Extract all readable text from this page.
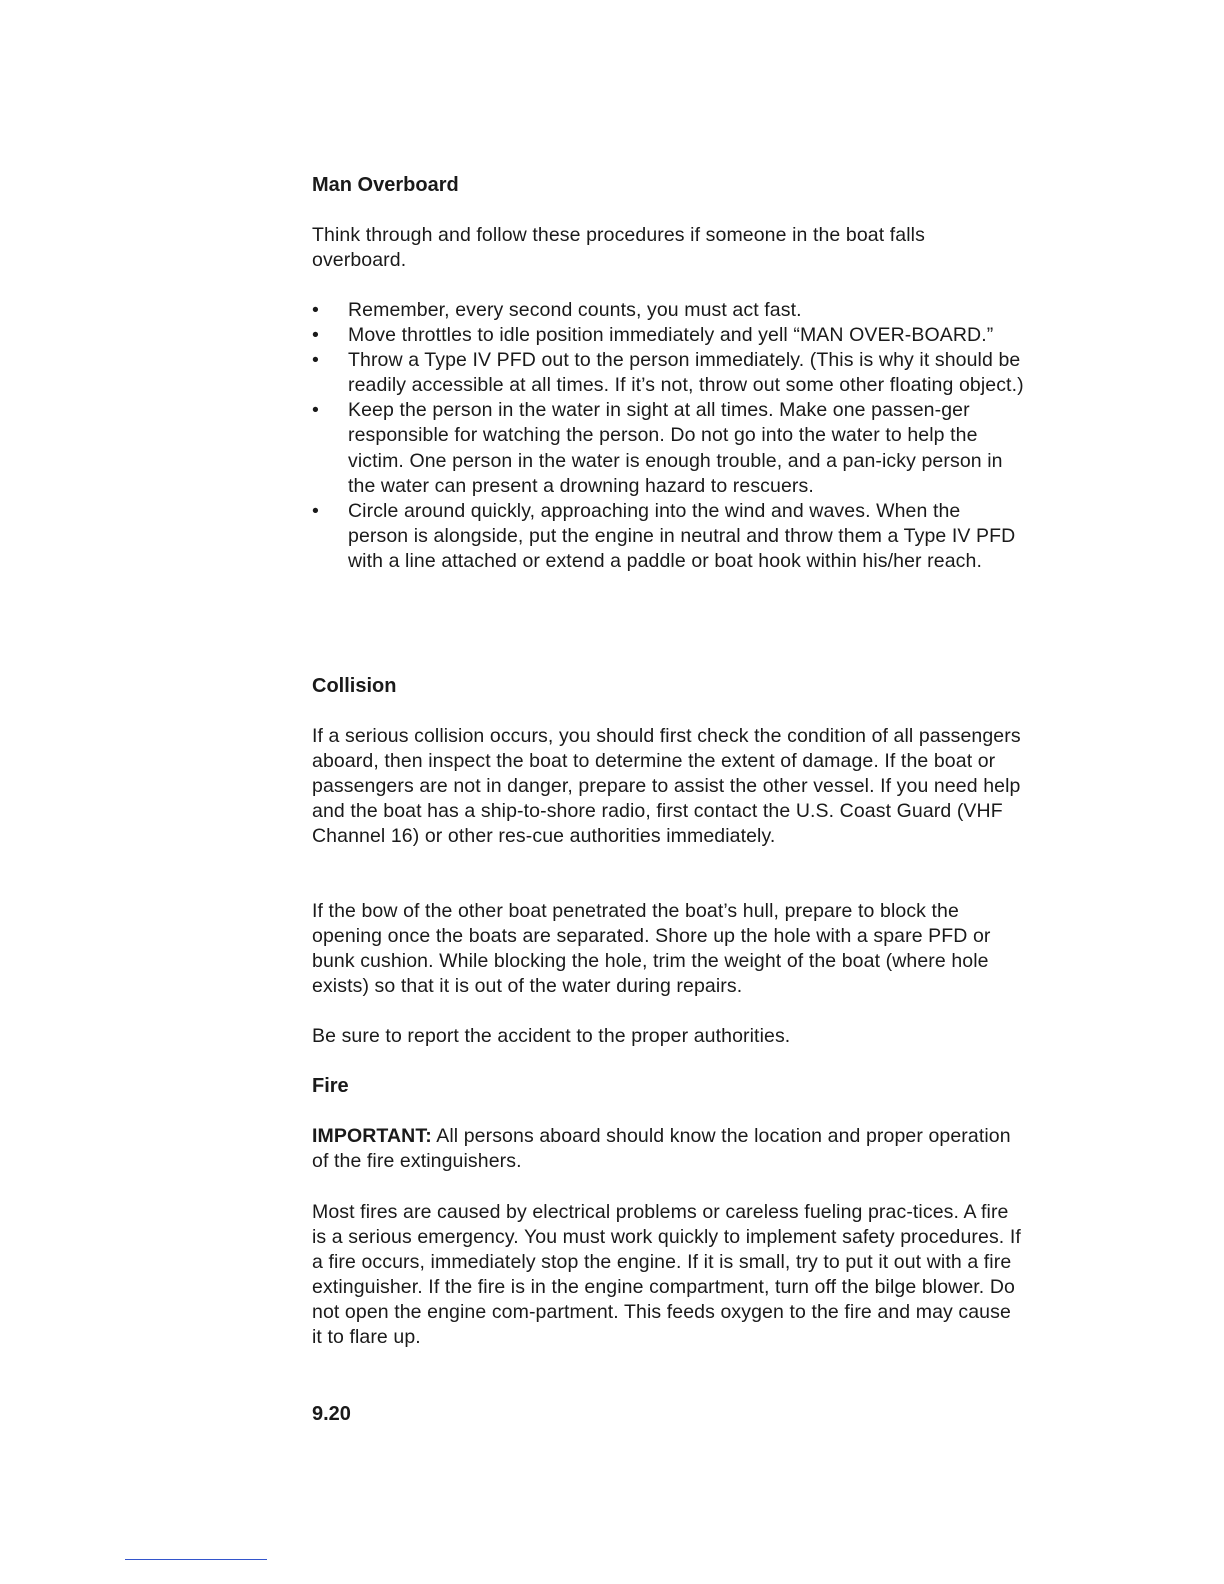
Man Overboard

Think through and follow these procedures if someone in the boat falls overboard.

• Remember, every second counts, you must act fast.
• Move throttles to idle position immediately and yell “MAN OVER-BOARD.”
• Throw a Type IV PFD out to the person immediately. (This is why it should be readily accessible at all times. If it’s not, throw out some other floating object.)
• Keep the person in the water in sight at all times. Make one passen-ger responsible for watching the person. Do not go into the water to help the victim. One person in the water is enough trouble, and a pan-icky person in the water can present a drowning hazard to rescuers.
• Circle around quickly, approaching into the wind and waves. When the person is alongside, put the engine in neutral and throw them a Type IV PFD with a line attached or extend a paddle or boat hook within his/her reach.
Collision

If a serious collision occurs, you should first check the condition of all passengers aboard, then inspect the boat to determine the extent of damage. If the boat or passengers are not in danger, prepare to assist the other vessel. If you need help and the boat has a ship-to-shore radio, first contact the U.S. Coast Guard (VHF Channel 16) or other res-cue authorities immediately.

If the bow of the other boat penetrated the boat’s hull, prepare to block the opening once the boats are separated. Shore up the hole with a spare PFD or bunk cushion. While blocking the hole, trim the weight of the boat (where hole exists) so that it is out of the water during repairs.

Be sure to report the accident to the proper authorities.

Fire

IMPORTANT: All persons aboard should know the location and proper operation of the fire extinguishers.

Most fires are caused by electrical problems or careless fueling prac-tices. A fire is a serious emergency. You must work quickly to implement safety procedures. If a fire occurs, immediately stop the engine. If it is small, try to put it out with a fire extinguisher. If the fire is in the engine compartment, turn off the bilge blower. Do not open the engine com-partment. This feeds oxygen to the fire and may cause it to flare up.

9.20
